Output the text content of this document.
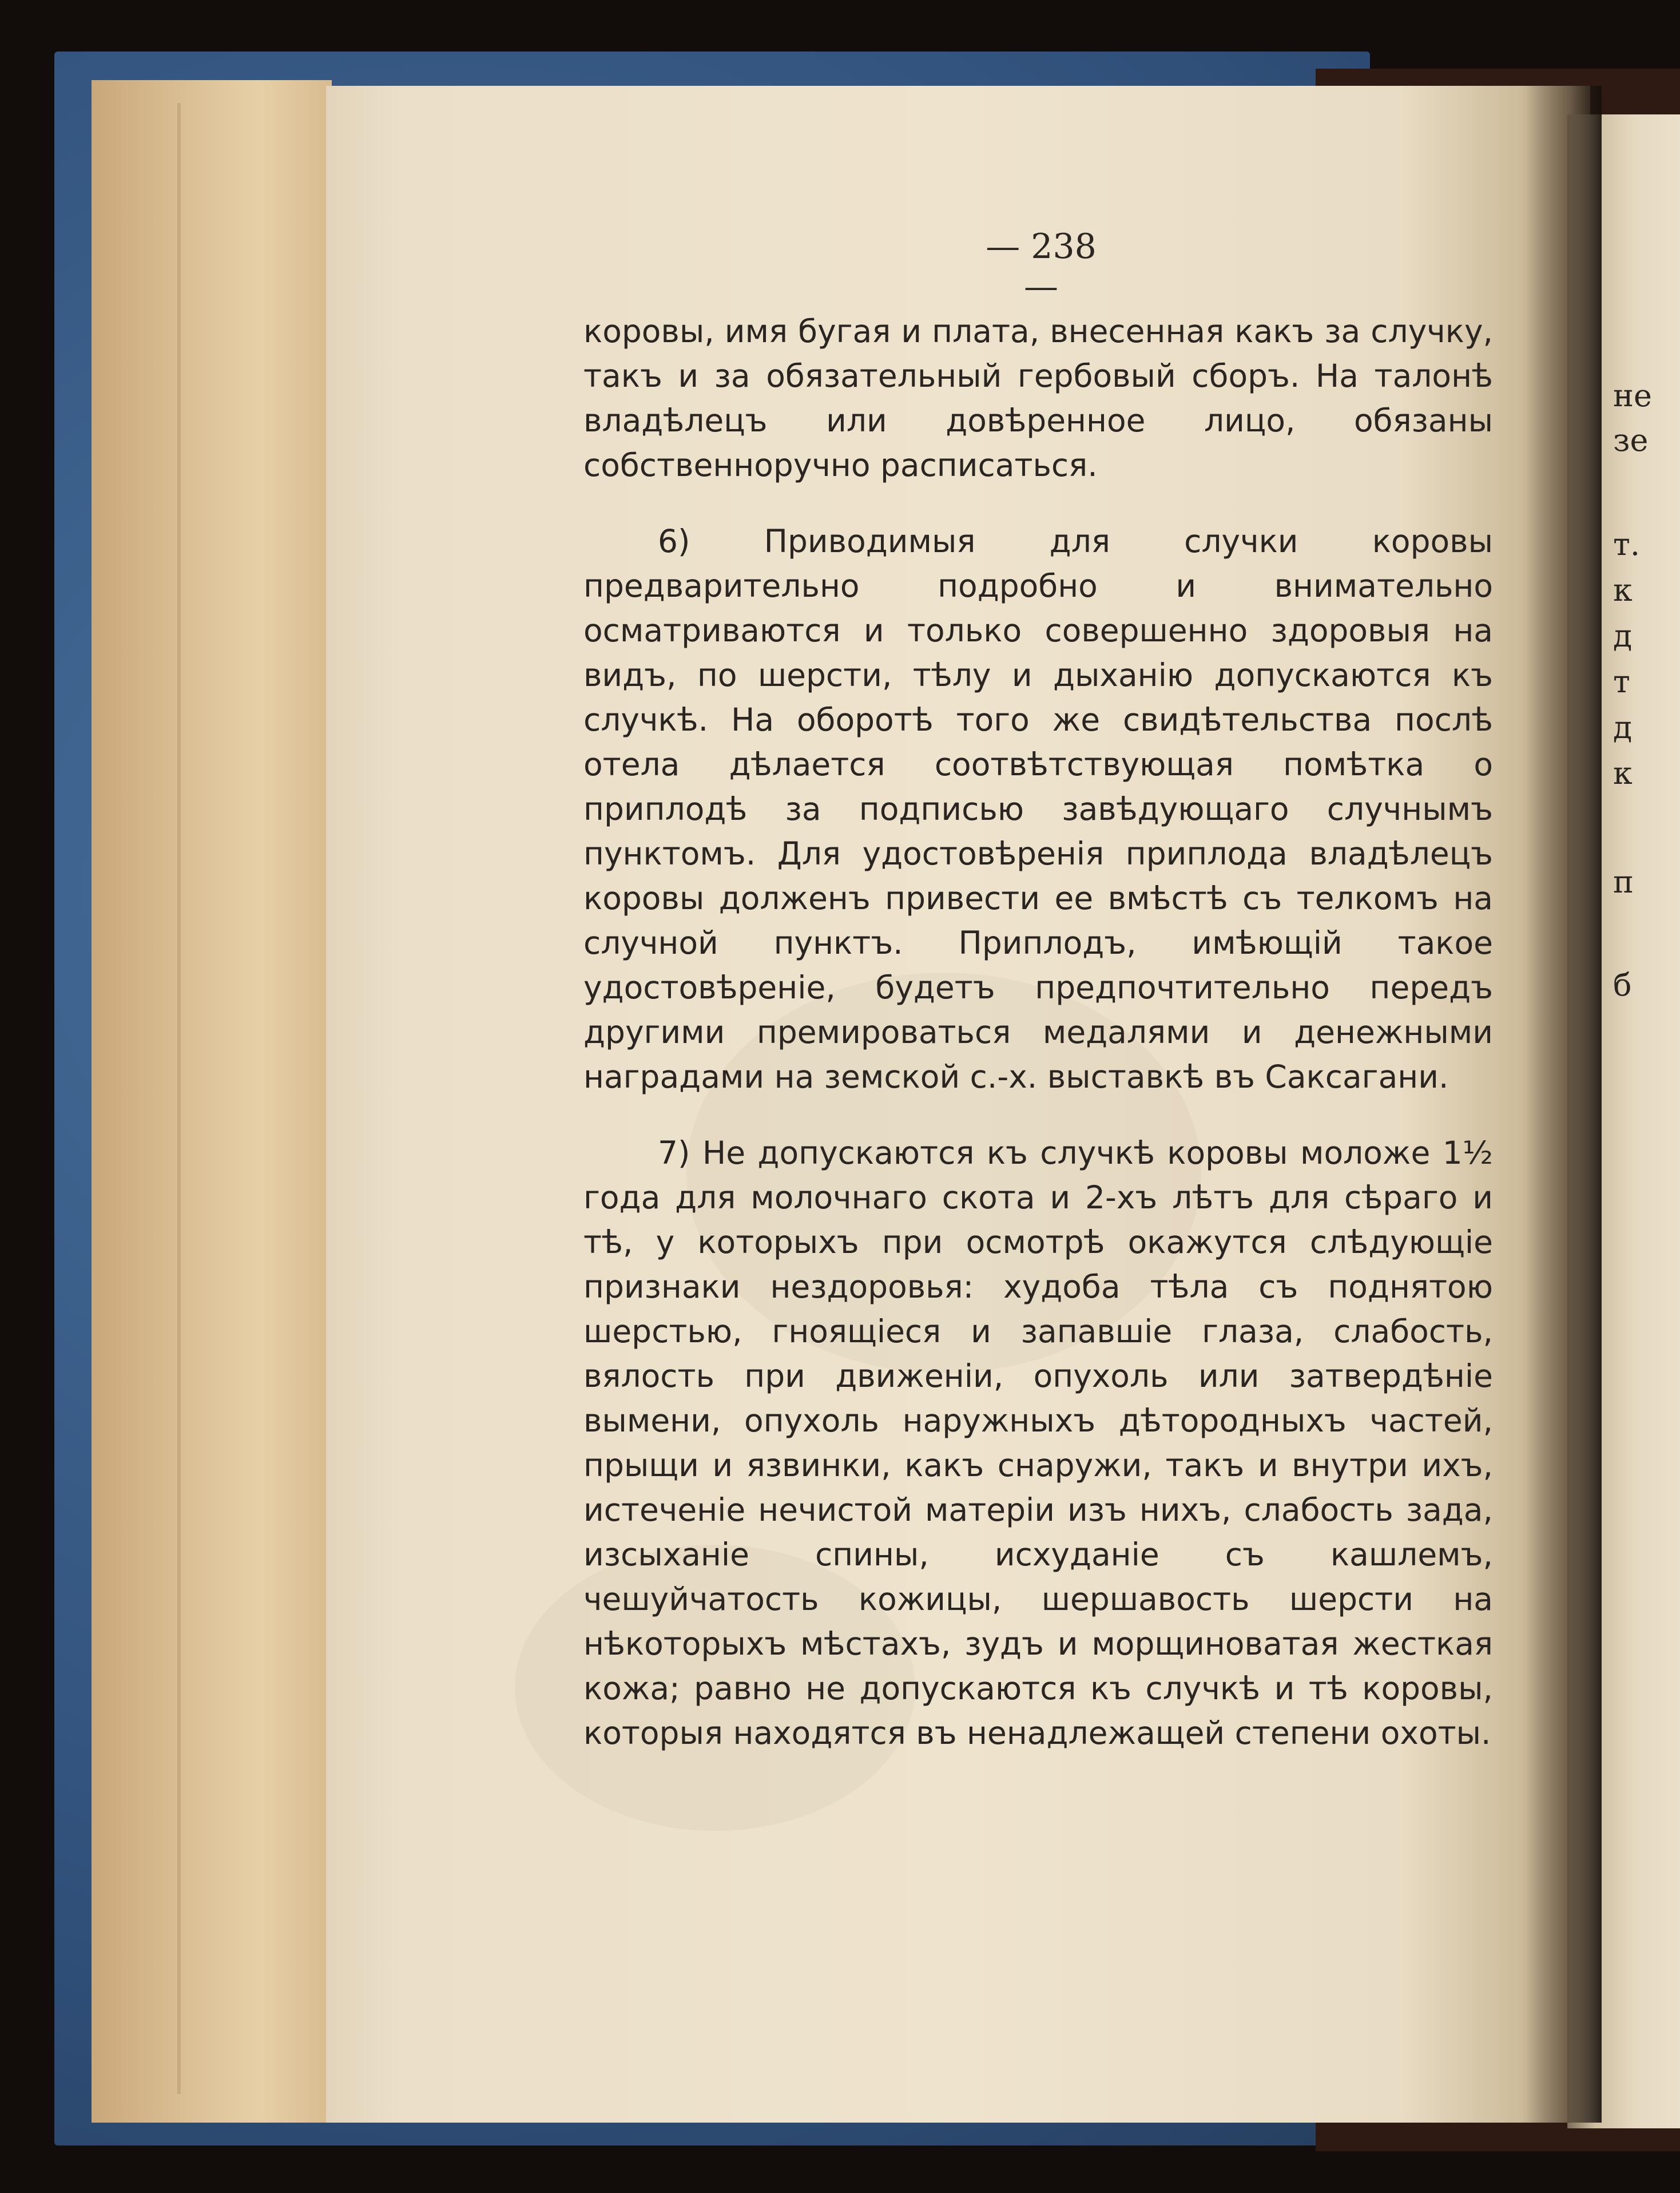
не
зе
т.
к
д
т
д
к
п
б
— 238 —

коровы, имя бугая и плата, внесенная какъ за случку, такъ и за обязательный гербовый сборъ. На талонѣ владѣлецъ или довѣренное лицо, обязаны собственноручно расписаться.

6) Приводимыя для случки коровы предварительно подробно и внимательно осматриваются и только совершенно здоровыя на видъ, по шерсти, тѣлу и дыханію допускаются къ случкѣ. На оборотѣ того же свидѣтельства послѣ отела дѣлается соотвѣтствующая помѣтка о приплодѣ за подписью завѣдующаго случнымъ пунктомъ. Для удостовѣренія приплода владѣлецъ коровы долженъ привести ее вмѣстѣ съ телкомъ на случной пунктъ. Приплодъ, имѣющій такое удостовѣреніе, будетъ предпочтительно передъ другими премироваться медалями и денежными наградами на земской с.-х. выставкѣ въ Саксагани.

7) Не допускаются къ случкѣ коровы моложе 1½ года для молочнаго скота и 2-хъ лѣтъ для сѣраго и тѣ, у которыхъ при осмотрѣ окажутся слѣдующіе признаки нездоровья: худоба тѣла съ поднятою шерстью, гноящіеся и запавшіе глаза, слабость, вялость при движеніи, опухоль или затвердѣніе вымени, опухоль наружныхъ дѣтородныхъ частей, прыщи и язвинки, какъ снаружи, такъ и внутри ихъ, истеченіе нечистой матеріи изъ нихъ, слабость зада, изсыханіе спины, исхуданіе съ кашлемъ, чешуйчатость кожицы, шершавость шерсти на нѣкоторыхъ мѣстахъ, зудъ и морщиноватая жесткая кожа; равно не допускаются къ случкѣ и тѣ коровы, которыя находятся въ ненадлежащей степени охоты.
